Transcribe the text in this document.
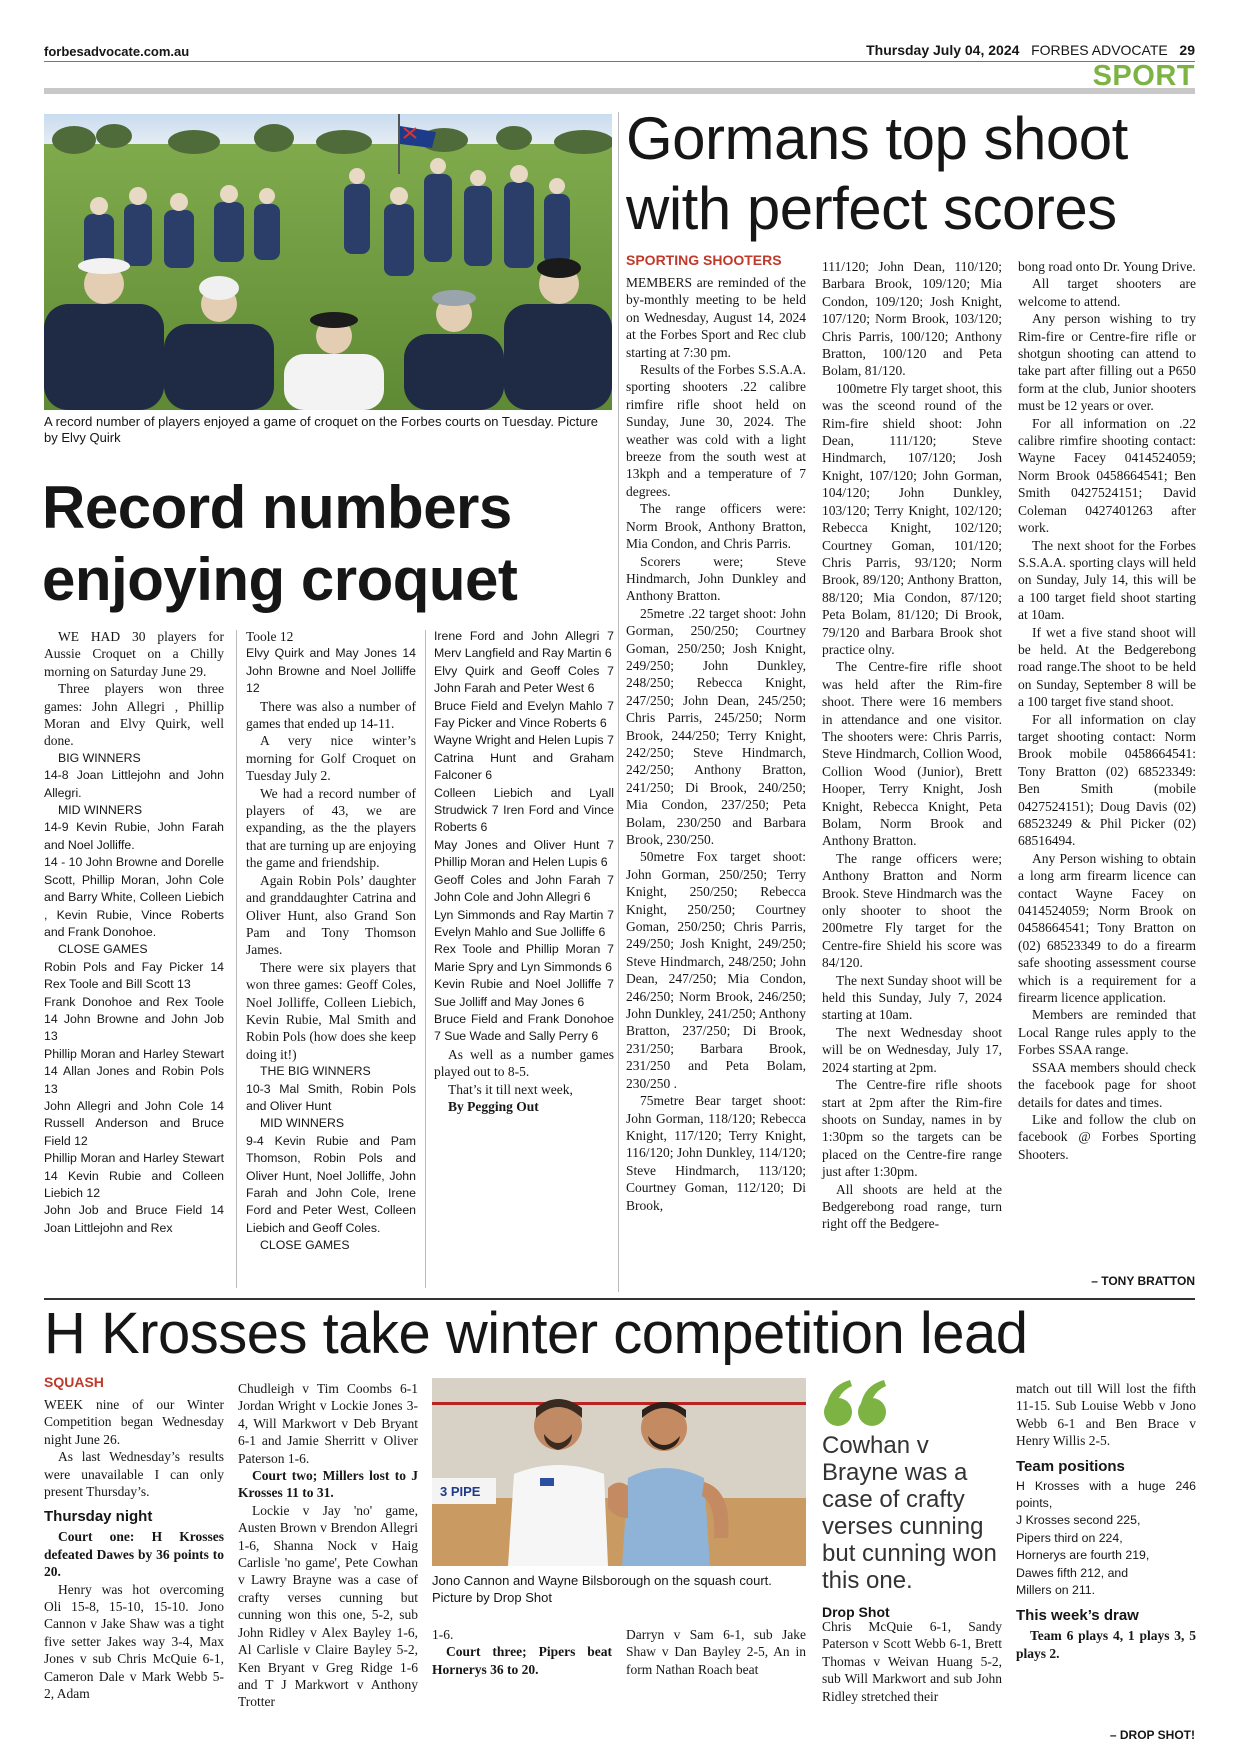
forbesadvocate.com.au	Thursday July 04, 2024 FORBES ADVOCATE 29
SPORT
A record number of players enjoyed a game of croquet on the Forbes courts on Tuesday. Picture by Elvy Quirk
Record numbers enjoying croquet
WE HAD 30 players for Aussie Croquet on a Chilly morning on Saturday June 29.
Three players won three games: John Allegri , Phillip Moran and Elvy Quirk, well done.
BIG WINNERS
14-8 Joan Littlejohn and John Allegri.
MID WINNERS
14-9 Kevin Rubie, John Farah and Noel Jolliffe.
14 - 10 John Browne and Dorelle Scott, Phillip Moran, John Cole and Barry White, Colleen Liebich , Kevin Rubie, Vince Roberts and Frank Donohoe.
CLOSE GAMES
Robin Pols and Fay Picker 14 Rex Toole and Bill Scott 13
Frank Donohoe and Rex Toole 14 John Browne and John Job 13
Phillip Moran and Harley Stewart 14 Allan Jones and Robin Pols 13
John Allegri and John Cole 14 Russell Anderson and Bruce Field 12
Phillip Moran and Harley Stewart 14 Kevin Rubie and Colleen Liebich 12
John Job and Bruce Field 14 Joan Littlejohn and Rex
Toole 12
Elvy Quirk and May Jones 14 John Browne and Noel Jolliffe 12
There was also a number of games that ended up 14-11.
A very nice winter’s morning for Golf Croquet on Tuesday July 2.
We had a record number of players of 43, we are expanding, as the the players that are turning up are enjoying the game and friendship.
Again Robin Pols’ daughter and granddaughter Catrina and Oliver Hunt, also Grand Son Pam and Tony Thomson James.
There were six players that won three games: Geoff Coles, Noel Jolliffe, Colleen Liebich, Kevin Rubie, Mal Smith and Robin Pols (how does she keep doing it!)
THE BIG WINNERS
10-3 Mal Smith, Robin Pols and Oliver Hunt
MID WINNERS
9-4 Kevin Rubie and Pam Thomson, Robin Pols and Oliver Hunt, Noel Jolliffe, John Farah and John Cole, Irene Ford and Peter West, Colleen Liebich and Geoff Coles.
CLOSE GAMES
Irene Ford and John Allegri 7 Merv Langfield and Ray Martin 6
Elvy Quirk and Geoff Coles 7 John Farah and Peter West 6
Bruce Field and Evelyn Mahlo 7 Fay Picker and Vince Roberts 6
Wayne Wright and Helen Lupis 7 Catrina Hunt and Graham Falconer 6
Colleen Liebich and Lyall Strudwick 7 Iren Ford and Vince Roberts 6
May Jones and Oliver Hunt 7 Phillip Moran and Helen Lupis 6
Geoff Coles and John Farah 7 John Cole and John Allegri 6
Lyn Simmonds and Ray Martin 7 Evelyn Mahlo and Sue Jolliffe 6
Rex Toole and Phillip Moran 7 Marie Spry and Lyn Simmonds 6
Kevin Rubie and Noel Jolliffe 7 Sue Jolliff and May Jones 6
Bruce Field and Frank Donohoe 7 Sue Wade and Sally Perry 6
As well as a number games played out to 8-5.
That’s it till next week,
By Pegging Out
Gormans top shoot with perfect scores
SPORTING SHOOTERS
MEMBERS are reminded of the by-monthly meeting to be held on Wednesday, August 14, 2024 at the Forbes Sport and Rec club starting at 7:30 pm.
Results of the Forbes S.S.A.A. sporting shooters .22 calibre rimfire rifle shoot held on Sunday, June 30, 2024. The weather was cold with a light breeze from the south west at 13kph and a temperature of 7 degrees.
The range officers were: Norm Brook, Anthony Bratton, Mia Condon, and Chris Parris.
Scorers were; Steve Hindmarch, John Dunkley and Anthony Bratton.
25metre .22 target shoot: John Gorman, 250/250; Courtney Goman, 250/250; Josh Knight, 249/250; John Dunkley, 248/250; Rebecca Knight, 247/250; John Dean, 245/250; Chris Parris, 245/250; Norm Brook, 244/250; Terry Knight, 242/250; Steve Hindmarch, 242/250; Anthony Bratton, 241/250; Di Brook, 240/250; Mia Condon, 237/250; Peta Bolam, 230/250 and Barbara Brook, 230/250.
50metre Fox target shoot: John Gorman, 250/250; Terry Knight, 250/250; Rebecca Knight, 250/250; Courtney Goman, 250/250; Chris Parris, 249/250; Josh Knight, 249/250; Steve Hindmarch, 248/250; John Dean, 247/250; Mia Condon, 246/250; Norm Brook, 246/250; John Dunkley, 241/250; Anthony Bratton, 237/250; Di Brook, 231/250; Barbara Brook, 231/250 and Peta Bolam, 230/250 .
75metre Bear target shoot: John Gorman, 118/120; Rebecca Knight, 117/120; Terry Knight, 116/120; John Dunkley, 114/120; Steve Hindmarch, 113/120; Courtney Goman, 112/120; Di Brook,
111/120; John Dean, 110/120; Barbara Brook, 109/120; Mia Condon, 109/120; Josh Knight, 107/120; Norm Brook, 103/120; Chris Parris, 100/120; Anthony Bratton, 100/120 and Peta Bolam, 81/120.
100metre Fly target shoot, this was the sceond round of the Rim-fire shield shoot: John Dean, 111/120; Steve Hindmarch, 107/120; Josh Knight, 107/120; John Gorman, 104/120; John Dunkley, 103/120; Terry Knight, 102/120; Rebecca Knight, 102/120; Courtney Goman, 101/120; Chris Parris, 93/120; Norm Brook, 89/120; Anthony Bratton, 88/120; Mia Condon, 87/120; Peta Bolam, 81/120; Di Brook, 79/120 and Barbara Brook shot practice olny.
The Centre-fire rifle shoot was held after the Rim-fire shoot. There were 16 members in attendance and one visitor. The shooters were: Chris Parris, Steve Hindmarch, Collion Wood, Collion Wood (Junior), Brett Hooper, Terry Knight, Josh Knight, Rebecca Knight, Peta Bolam, Norm Brook and Anthony Bratton.
The range officers were; Anthony Bratton and Norm Brook. Steve Hindmarch was the only shooter to shoot the 200metre Fly target for the Centre-fire Shield his score was 84/120.
The next Sunday shoot will be held this Sunday, July 7, 2024 starting at 10am.
The next Wednesday shoot will be on Wednesday, July 17, 2024 starting at 2pm.
The Centre-fire rifle shoots start at 2pm after the Rim-fire shoots on Sunday, names in by 1:30pm so the targets can be placed on the Centre-fire range just after 1:30pm.
All shoots are held at the Bedgerebong road range, turn right off the Bedgere-
bong road onto Dr. Young Drive.
All target shooters are welcome to attend.
Any person wishing to try Rim-fire or Centre-fire rifle or shotgun shooting can attend to take part after filling out a P650 form at the club, Junior shooters must be 12 years or over.
For all information on .22 calibre rimfire shooting contact: Wayne Facey 0414524059; Norm Brook 0458664541; Ben Smith 0427524151; David Coleman 0427401263 after work.
The next shoot for the Forbes S.S.A.A. sporting clays will held on Sunday, July 14, this will be a 100 target field shoot starting at 10am.
If wet a five stand shoot will be held. At the Bedgerebong road range.The shoot to be held on Sunday, September 8 will be a 100 target five stand shoot.
For all information on clay target shooting contact: Norm Brook mobile 0458664541: Tony Bratton (02) 68523349: Ben Smith (mobile 0427524151); Doug Davis (02) 68523249 & Phil Picker (02) 68516494.
Any Person wishing to obtain a long arm firearm licence can contact Wayne Facey on 0414524059; Norm Brook on 0458664541; Tony Bratton on (02) 68523349 to do a firearm safe shooting assessment course which is a requirement for a firearm licence application.
Members are reminded that Local Range rules apply to the Forbes SSAA range.
SSAA members should check the facebook page for shoot details for dates and times.
Like and follow the club on facebook @ Forbes Sporting Shooters.
– TONY BRATTON
H Krosses take winter competition lead
SQUASH
WEEK nine of our Winter Competition began Wednesday night June 26.
As last Wednesday’s results were unavailable I can only present Thursday’s.
Thursday night
Court one: H Krosses defeated Dawes by 36 points to 20.
Henry was hot overcoming Oli 15-8, 15-10, 15-10. Jono Cannon v Jake Shaw was a tight five setter Jakes way 3-4, Max Jones v sub Chris McQuie 6-1, Cameron Dale v Mark Webb 5-2, Adam
Chudleigh v Tim Coombs 6-1 Jordan Wright v Lockie Jones 3-4, Will Markwort v Deb Bryant 6-1 and Jamie Sherritt v Oliver Paterson 1-6.
Court two; Millers lost to J Krosses 11 to 31.
Lockie v Jay 'no' game, Austen Brown v Brendon Allegri 1-6, Shanna Nock v Haig Carlisle 'no game', Pete Cowhan v Lawry Brayne was a case of crafty verses cunning but cunning won this one, 5-2, sub John Ridley v Alex Bayley 1-6, Al Carlisle v Claire Bayley 5-2, Ken Bryant v Greg Ridge 1-6 and T J Markwort v Anthony Trotter
3 PIPE
Jono Cannon and Wayne Bilsborough on the squash court. Picture by Drop Shot
1-6.
Court three; Pipers beat Hornerys 36 to 20.
Darryn v Sam 6-1, sub Jake Shaw v Dan Bayley 2-5, An in form Nathan Roach beat
Cowhan v Brayne was a case of crafty verses cunning but cunning won this one.
Drop Shot
Chris McQuie 6-1, Sandy Paterson v Scott Webb 6-1, Brett Thomas v Weivan Huang 5-2, sub Will Markwort and sub John Ridley stretched their
match out till Will lost the fifth 11-15. Sub Louise Webb v Jono Webb 6-1 and Ben Brace v Henry Willis 2-5.
Team positions
H Krosses with a huge 246 points,
J Krosses second 225,
Pipers third on 224,
Hornerys are fourth 219,
Dawes fifth 212, and
Millers on 211.
This week’s draw
Team 6 plays 4, 1 plays 3, 5 plays 2.
– DROP SHOT!
